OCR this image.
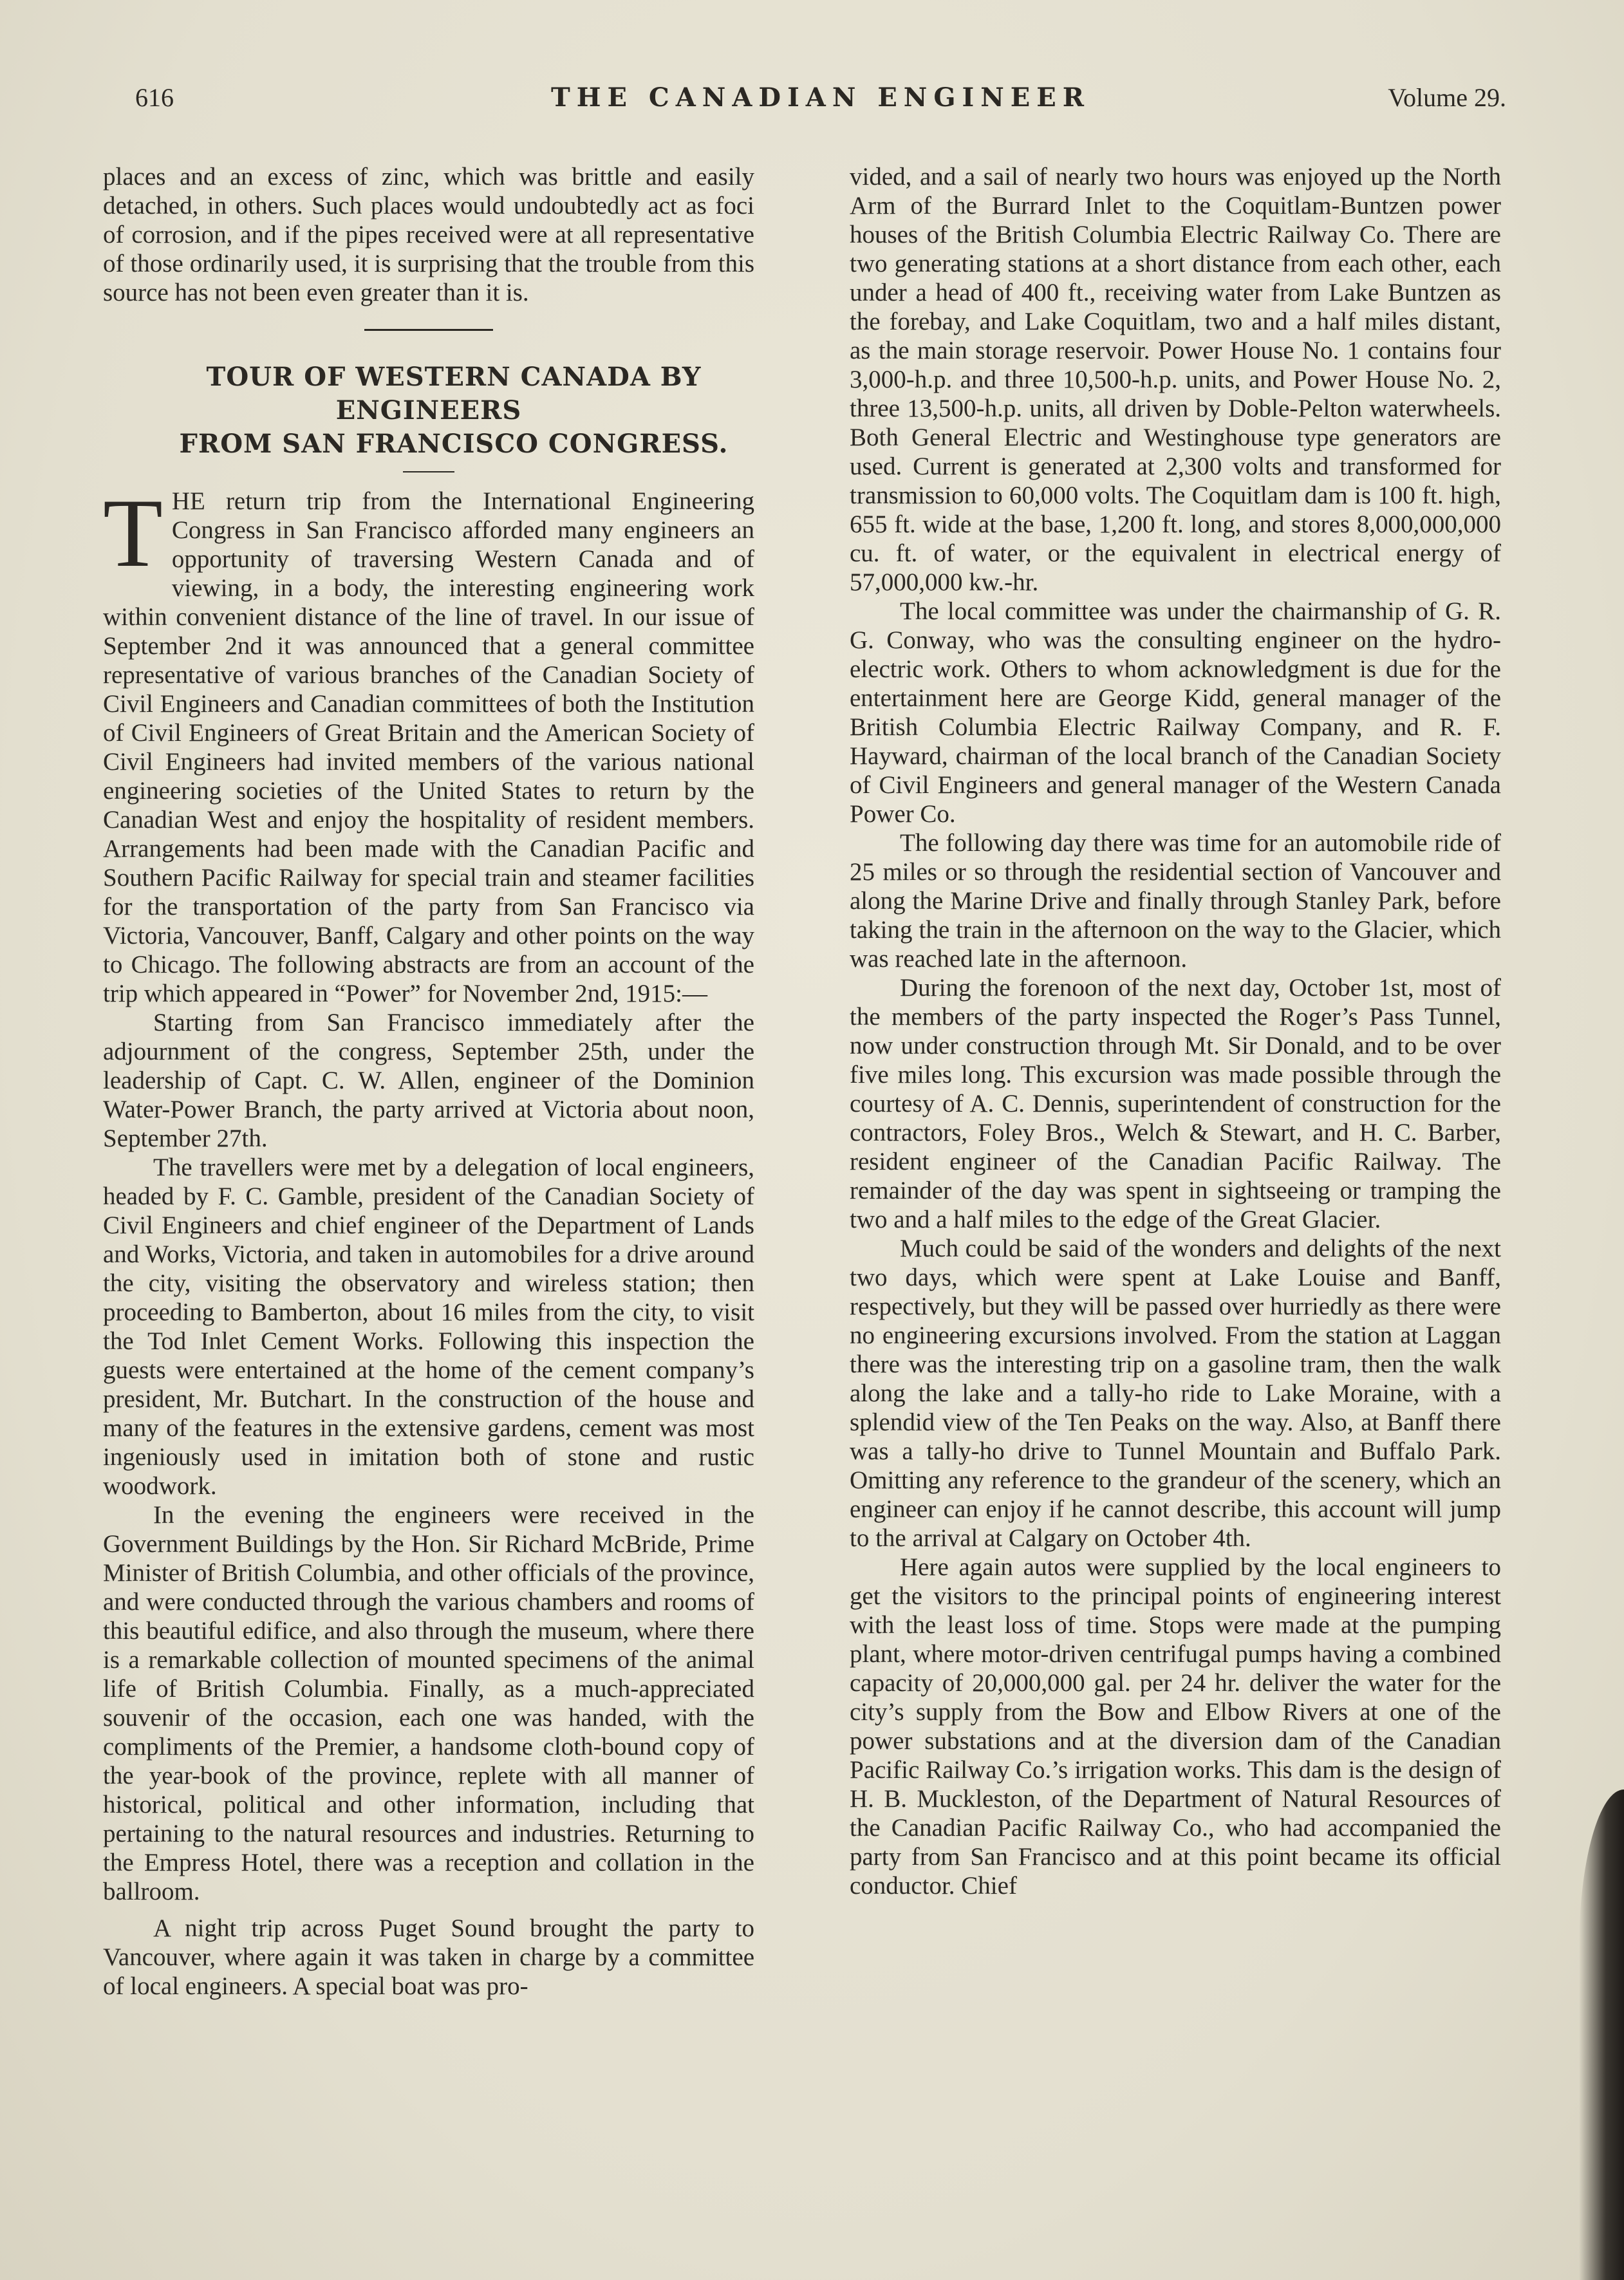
616	THE CANADIAN ENGINEER	Volume 29.

places and an excess of zinc, which was brittle and easily detached, in others. Such places would undoubtedly act as foci of corrosion, and if the pipes received were at all representative of those ordinarily used, it is surprising that the trouble from this source has not been even greater than it is.

TOUR OF WESTERN CANADA BY ENGINEERS

FROM SAN FRANCISCO CONGRESS.

THE return trip from the International Engineering Congress in San Francisco afforded many engineers an opportunity of traversing Western Canada and of viewing, in a body, the interesting engineering work within convenient distance of the line of travel. In our issue of September 2nd it was announced that a general committee representative of various branches of the Canadian Society of Civil Engineers and Canadian committees of both the Institution of Civil Engineers of Great Britain and the American Society of Civil Engineers had invited members of the various national engineering societies of the United States to return by the Canadian West and enjoy the hospitality of resident members. Arrangements had been made with the Canadian Pacific and Southern Pacific Railway for special train and steamer facilities for the transportation of the party from San Francisco via Victoria, Vancouver, Banff, Calgary and other points on the way to Chicago. The following abstracts are from an account of the trip which appeared in “Power” for November 2nd, 1915:—

Starting from San Francisco immediately after the adjournment of the congress, September 25th, under the leadership of Capt. C. W. Allen, engineer of the Dominion Water-Power Branch, the party arrived at Victoria about noon, September 27th.

The travellers were met by a delegation of local engineers, headed by F. C. Gamble, president of the Canadian Society of Civil Engineers and chief engineer of the Department of Lands and Works, Victoria, and taken in automobiles for a drive around the city, visiting the observatory and wireless station; then proceeding to Bamberton, about 16 miles from the city, to visit the Tod Inlet Cement Works. Following this inspection the guests were entertained at the home of the cement company’s president, Mr. Butchart. In the construction of the house and many of the features in the extensive gardens, cement was most ingeniously used in imitation both of stone and rustic woodwork.

In the evening the engineers were received in the Government Buildings by the Hon. Sir Richard McBride, Prime Minister of British Columbia, and other officials of the province, and were conducted through the various chambers and rooms of this beautiful edifice, and also through the museum, where there is a remarkable collection of mounted specimens of the animal life of British Columbia. Finally, as a much-appreciated souvenir of the occasion, each one was handed, with the compliments of the Premier, a handsome cloth-bound copy of the year-book of the province, replete with all manner of historical, political and other information, including that pertaining to the natural resources and industries. Returning to the Empress Hotel, there was a reception and collation in the ballroom.

A night trip across Puget Sound brought the party to Vancouver, where again it was taken in charge by a committee of local engineers. A special boat was pro-

vided, and a sail of nearly two hours was enjoyed up the North Arm of the Burrard Inlet to the Coquitlam-Buntzen power houses of the British Columbia Electric Railway Co. There are two generating stations at a short distance from each other, each under a head of 400 ft., receiving water from Lake Buntzen as the forebay, and Lake Coquitlam, two and a half miles distant, as the main storage reservoir. Power House No. 1 contains four 3,000-h.p. and three 10,500-h.p. units, and Power House No. 2, three 13,500-h.p. units, all driven by Doble-Pelton waterwheels. Both General Electric and Westinghouse type generators are used. Current is generated at 2,300 volts and transformed for transmission to 60,000 volts. The Coquitlam dam is 100 ft. high, 655 ft. wide at the base, 1,200 ft. long, and stores 8,000,000,000 cu. ft. of water, or the equivalent in electrical energy of 57,000,000 kw.-hr.

The local committee was under the chairmanship of G. R. G. Conway, who was the consulting engineer on the hydro-electric work. Others to whom acknowledgment is due for the entertainment here are George Kidd, general manager of the British Columbia Electric Railway Company, and R. F. Hayward, chairman of the local branch of the Canadian Society of Civil Engineers and general manager of the Western Canada Power Co.

The following day there was time for an automobile ride of 25 miles or so through the residential section of Vancouver and along the Marine Drive and finally through Stanley Park, before taking the train in the afternoon on the way to the Glacier, which was reached late in the afternoon.

During the forenoon of the next day, October 1st, most of the members of the party inspected the Roger’s Pass Tunnel, now under construction through Mt. Sir Donald, and to be over five miles long. This excursion was made possible through the courtesy of A. C. Dennis, superintendent of construction for the contractors, Foley Bros., Welch & Stewart, and H. C. Barber, resident engineer of the Canadian Pacific Railway. The remainder of the day was spent in sightseeing or tramping the two and a half miles to the edge of the Great Glacier.

Much could be said of the wonders and delights of the next two days, which were spent at Lake Louise and Banff, respectively, but they will be passed over hurriedly as there were no engineering excursions involved. From the station at Laggan there was the interesting trip on a gasoline tram, then the walk along the lake and a tally-ho ride to Lake Moraine, with a splendid view of the Ten Peaks on the way. Also, at Banff there was a tally-ho drive to Tunnel Mountain and Buffalo Park. Omitting any reference to the grandeur of the scenery, which an engineer can enjoy if he cannot describe, this account will jump to the arrival at Calgary on October 4th.

Here again autos were supplied by the local engineers to get the visitors to the principal points of engineering interest with the least loss of time. Stops were made at the pumping plant, where motor-driven centrifugal pumps having a combined capacity of 20,000,000 gal. per 24 hr. deliver the water for the city’s supply from the Bow and Elbow Rivers at one of the power substations and at the diversion dam of the Canadian Pacific Railway Co.’s irrigation works. This dam is the design of H. B. Muckleston, of the Department of Natural Resources of the Canadian Pacific Railway Co., who had accompanied the party from San Francisco and at this point became its official conductor. Chief
